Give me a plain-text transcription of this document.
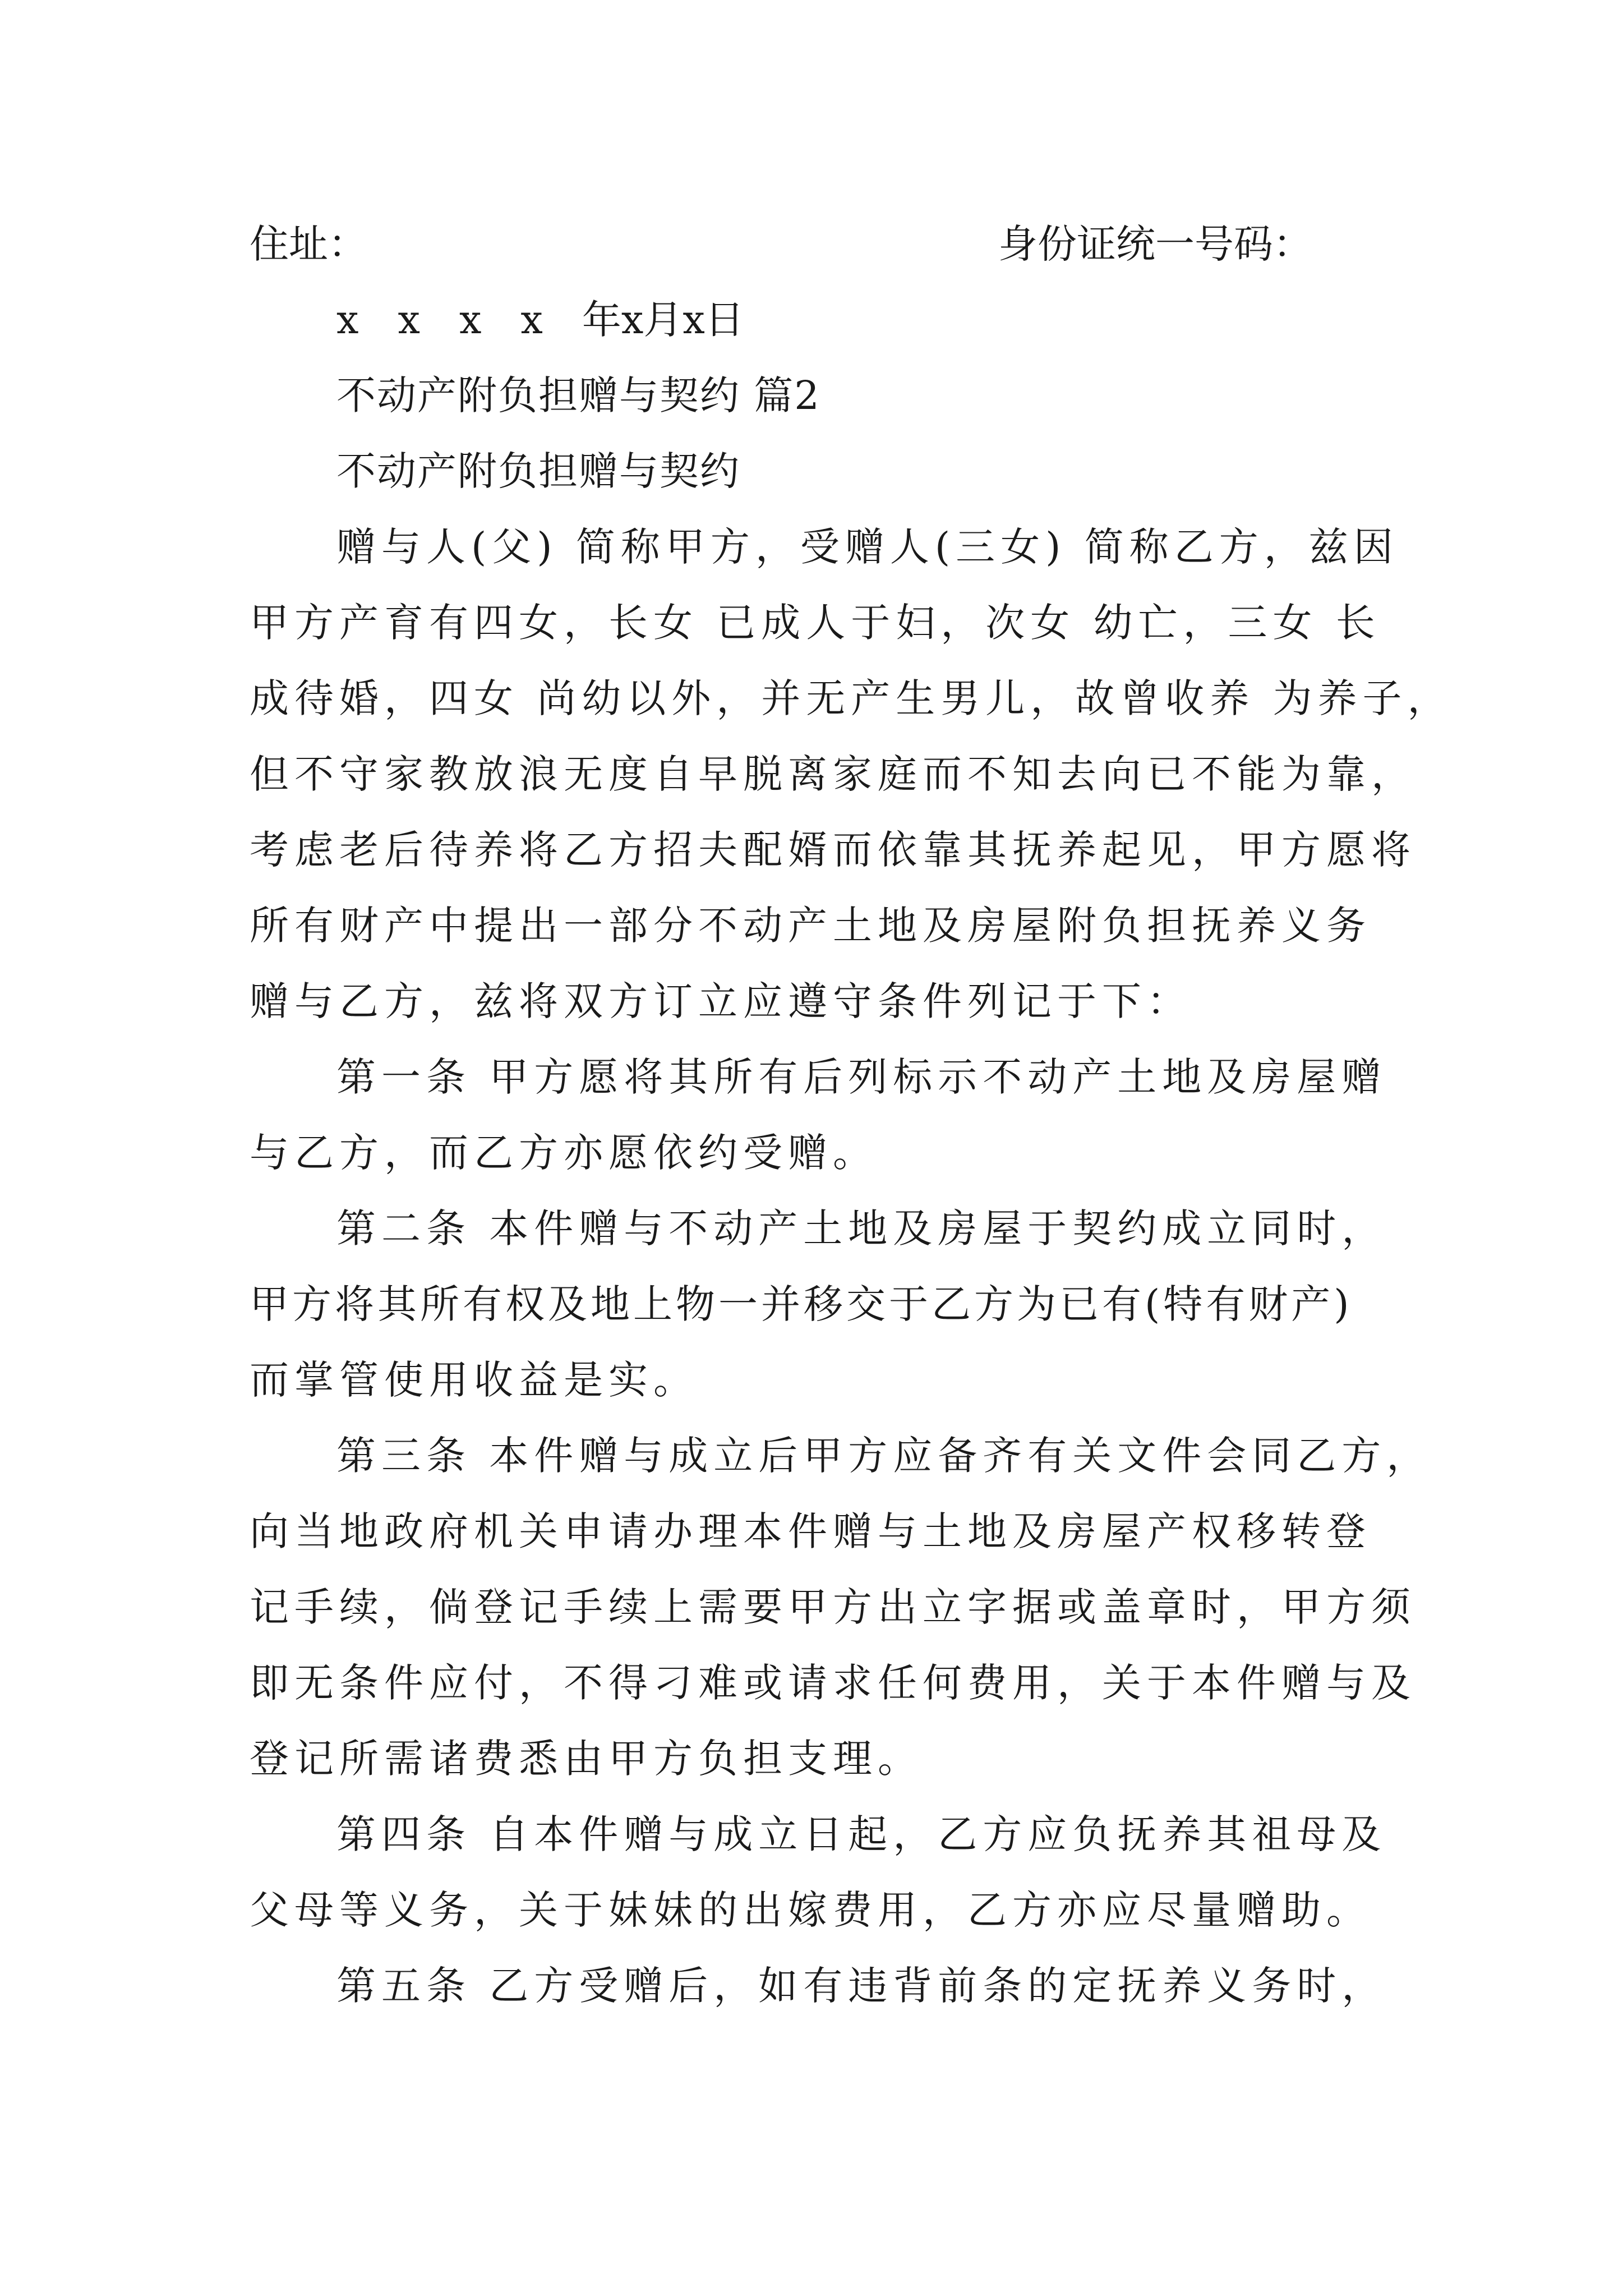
住址：	身份证统一号码：
x　x　x　x　年x月x日
不动产附负担赠与契约 篇2
不动产附负担赠与契约
赠与人(父) 简称甲方，受赠人(三女) 简称乙方，兹因
甲方产育有四女，长女 已成人于妇，次女 幼亡，三女 长
成待婚，四女 尚幼以外，并无产生男儿，故曾收养 为养子，
但不守家教放浪无度自早脱离家庭而不知去向已不能为靠，
考虑老后待养将乙方招夫配婿而依靠其抚养起见，甲方愿将
所有财产中提出一部分不动产土地及房屋附负担抚养义务
赠与乙方，兹将双方订立应遵守条件列记于下：
第一条 甲方愿将其所有后列标示不动产土地及房屋赠
与乙方，而乙方亦愿依约受赠。
第二条 本件赠与不动产土地及房屋于契约成立同时，
甲方将其所有权及地上物一并移交于乙方为已有(特有财产)
而掌管使用收益是实。
第三条 本件赠与成立后甲方应备齐有关文件会同乙方，
向当地政府机关申请办理本件赠与土地及房屋产权移转登
记手续，倘登记手续上需要甲方出立字据或盖章时，甲方须
即无条件应付，不得刁难或请求任何费用，关于本件赠与及
登记所需诸费悉由甲方负担支理。
第四条 自本件赠与成立日起，乙方应负抚养其祖母及
父母等义务，关于妹妹的出嫁费用，乙方亦应尽量赠助。
第五条 乙方受赠后，如有违背前条的定抚养义务时，
